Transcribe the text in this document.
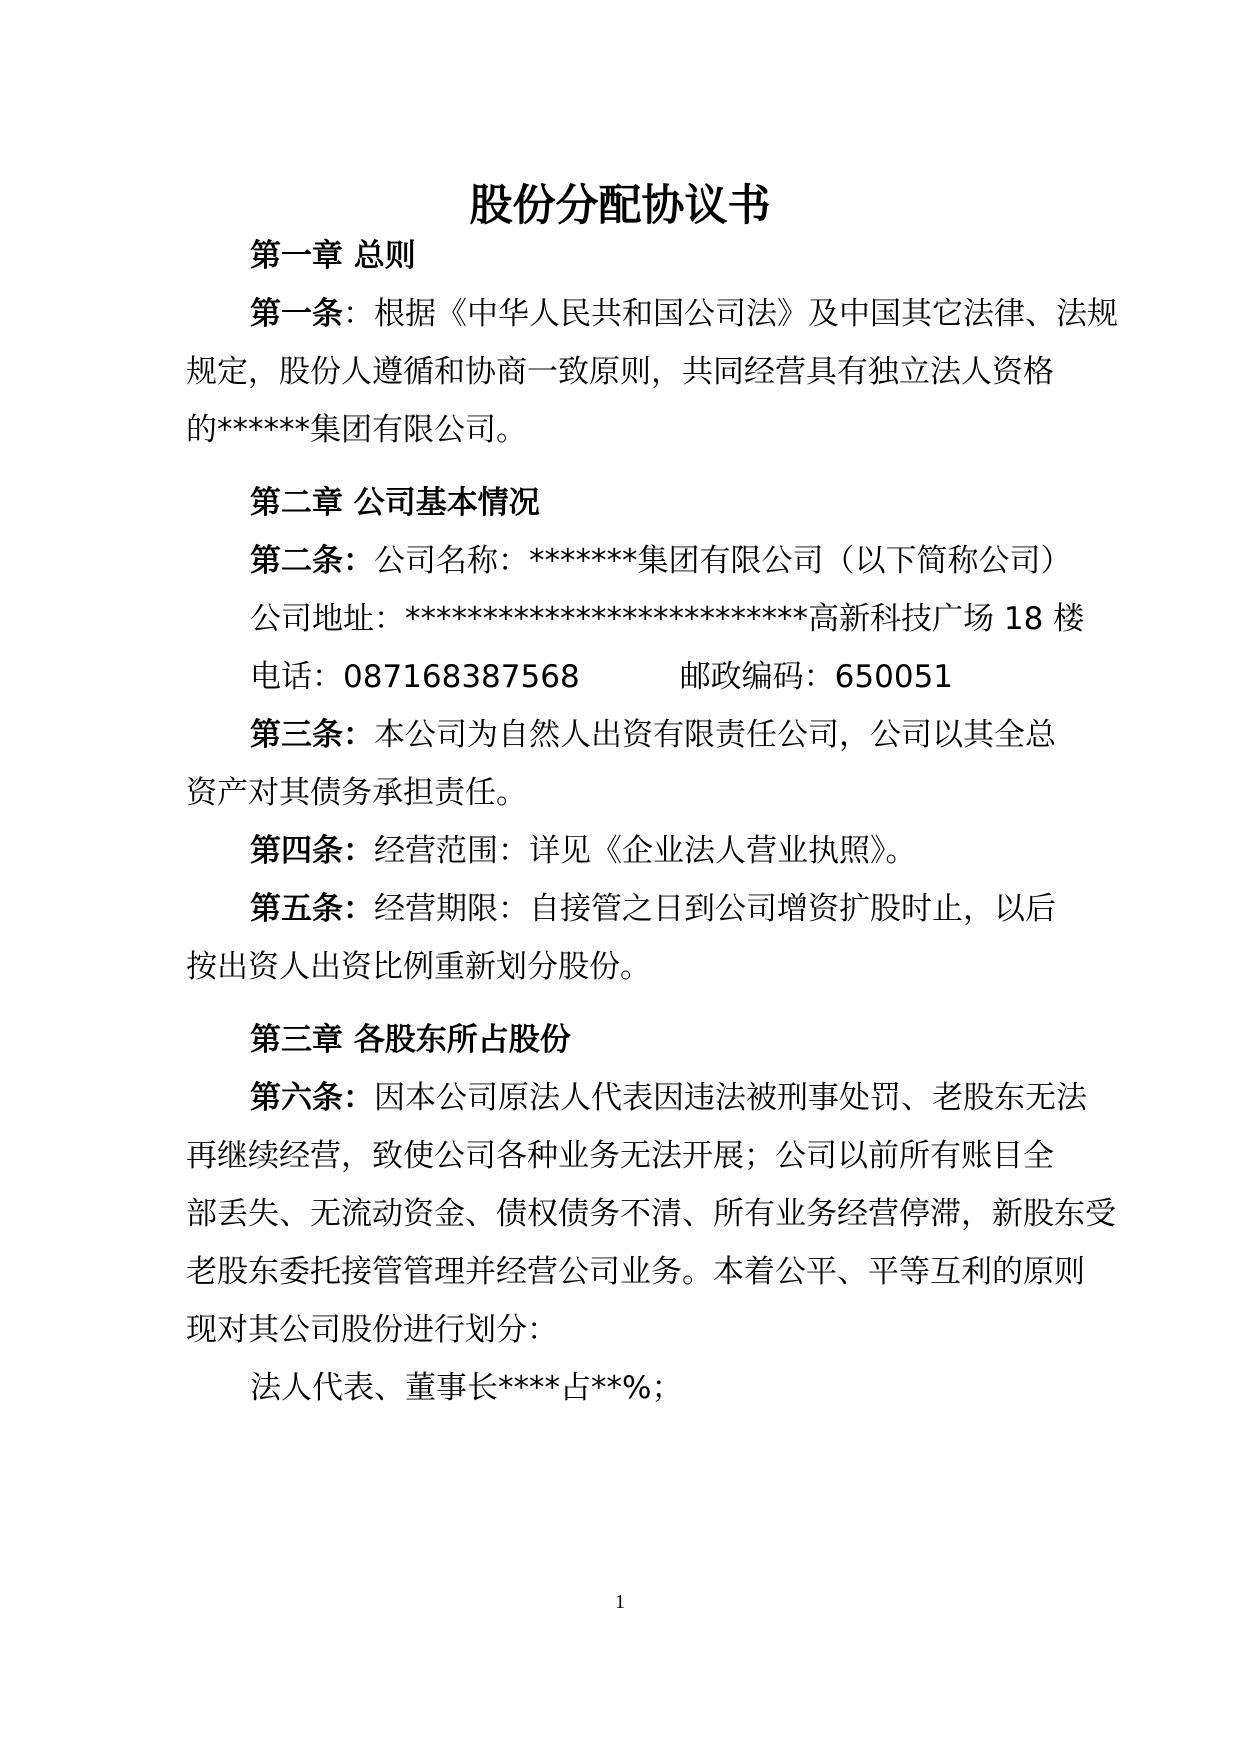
股份分配协议书

第一章 总则

第一条：根据《中华人民共和国公司法》及中国其它法律、法规

规定，股份人遵循和协商一致原则，共同经营具有独立法人资格

的******集团有限公司。

第二章 公司基本情况

第二条：公司名称：*******集团有限公司（以下简称公司）

公司地址：**************************高新科技广场 18 楼

电话：087168387568	邮政编码：650051

第三条：本公司为自然人出资有限责任公司，公司以其全总

资产对其债务承担责任。

第四条：经营范围：详见《企业法人营业执照》。

第五条：经营期限：自接管之日到公司增资扩股时止，以后

按出资人出资比例重新划分股份。

第三章 各股东所占股份

第六条：因本公司原法人代表因违法被刑事处罚、老股东无法

再继续经营，致使公司各种业务无法开展；公司以前所有账目全

部丢失、无流动资金、债权债务不清、所有业务经营停滞，新股东受

老股东委托接管管理并经营公司业务。本着公平、平等互利的原则

现对其公司股份进行划分：

法人代表、董事长****占**%；

1
